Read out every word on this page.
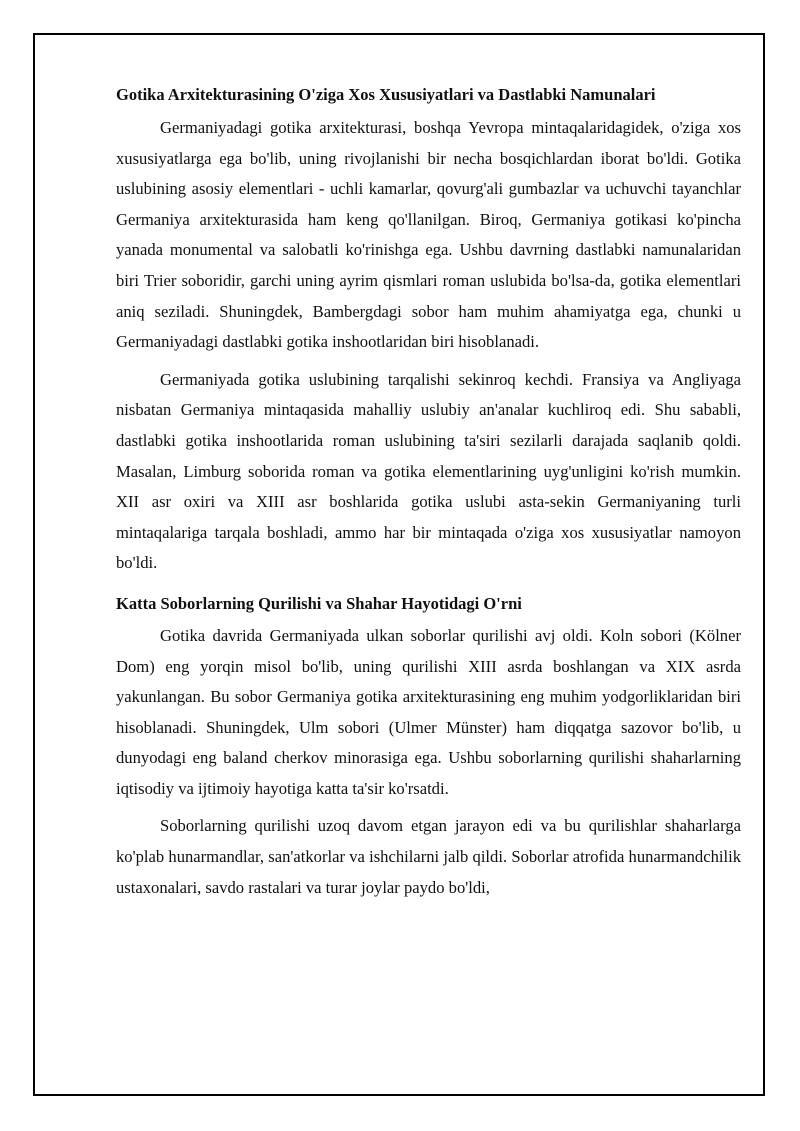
Gotika Arxitekturasining O'ziga Xos Xususiyatlari va Dastlabki Namunalari

Germaniyadagi gotika arxitekturasi, boshqa Yevropa mintaqalaridagidek, o'ziga xos xususiyatlarga ega bo'lib, uning rivojlanishi bir necha bosqichlardan iborat bo'ldi. Gotika uslubining asosiy elementlari - uchli kamarlar, qovurg'ali gumbazlar va uchuvchi tayanchlar Germaniya arxitekturasida ham keng qo'llanilgan. Biroq, Germaniya gotikasi ko'pincha yanada monumental va salobatli ko'rinishga ega. Ushbu davrning dastlabki namunalaridan biri Trier soboridir, garchi uning ayrim qismlari roman uslubida bo'lsa-da, gotika elementlari aniq seziladi. Shuningdek, Bambergdagi sobor ham muhim ahamiyatga ega, chunki u Germaniyadagi dastlabki gotika inshootlaridan biri hisoblanadi.

Germaniyada gotika uslubining tarqalishi sekinroq kechdi. Fransiya va Angliyaga nisbatan Germaniya mintaqasida mahalliy uslubiy an'analar kuchliroq edi. Shu sababli, dastlabki gotika inshootlarida roman uslubining ta'siri sezilarli darajada saqlanib qoldi. Masalan, Limburg soborida roman va gotika elementlarining uyg'unligini ko'rish mumkin. XII asr oxiri va XIII asr boshlarida gotika uslubi asta-sekin Germaniyaning turli mintaqalariga tarqala boshladi, ammo har bir mintaqada o'ziga xos xususiyatlar namoyon bo'ldi.

Katta Soborlarning Qurilishi va Shahar Hayotidagi O'rni

Gotika davrida Germaniyada ulkan soborlar qurilishi avj oldi. Koln sobori (Kölner Dom) eng yorqin misol bo'lib, uning qurilishi XIII asrda boshlangan va XIX asrda yakunlangan. Bu sobor Germaniya gotika arxitekturasining eng muhim yodgorliklaridan biri hisoblanadi. Shuningdek, Ulm sobori (Ulmer Münster) ham diqqatga sazovor bo'lib, u dunyodagi eng baland cherkov minorasiga ega. Ushbu soborlarning qurilishi shaharlarning iqtisodiy va ijtimoiy hayotiga katta ta'sir ko'rsatdi.

Soborlarning qurilishi uzoq davom etgan jarayon edi va bu qurilishlar shaharlarga ko'plab hunarmandlar, san'atkorlar va ishchilarni jalb qildi. Soborlar atrofida hunarmandchilik ustaxonalari, savdo rastalari va turar joylar paydo bo'ldi,
